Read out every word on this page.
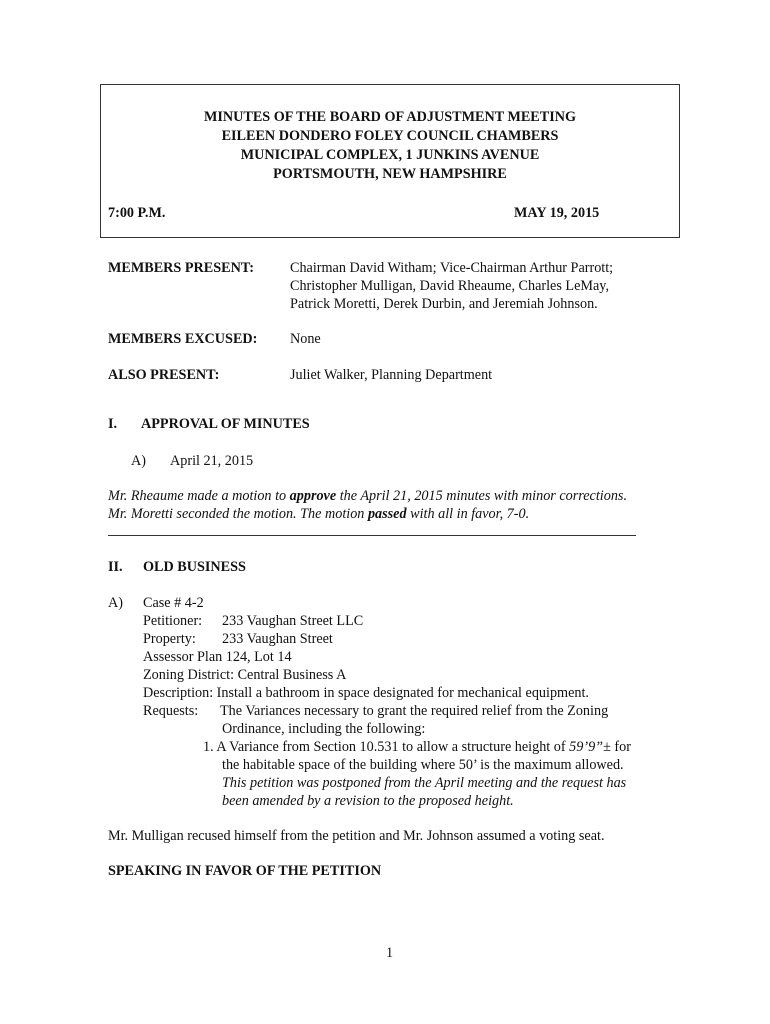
MINUTES OF THE BOARD OF ADJUSTMENT MEETING
EILEEN DONDERO FOLEY COUNCIL CHAMBERS
MUNICIPAL COMPLEX, 1 JUNKINS AVENUE
PORTSMOUTH, NEW HAMPSHIRE
7:00 P.M.	MAY 19, 2015
MEMBERS PRESENT:	Chairman David Witham; Vice-Chairman Arthur Parrott;
Christopher Mulligan, David Rheaume, Charles LeMay,
Patrick Moretti, Derek Durbin, and Jeremiah Johnson.
MEMBERS EXCUSED: None
ALSO PRESENT:	Juliet Walker, Planning Department
I. APPROVAL OF MINUTES
A) April 21, 2015
Mr. Rheaume made a motion to approve the April 21, 2015 minutes with minor corrections.
Mr. Moretti seconded the motion. The motion passed with all in favor, 7-0.
II. OLD BUSINESS
A) Case # 4-2
Petitioner: 233 Vaughan Street LLC
Property: 233 Vaughan Street
Assessor Plan 124, Lot 14
Zoning District: Central Business A
Description: Install a bathroom in space designated for mechanical equipment.
Requests: The Variances necessary to grant the required relief from the Zoning
Ordinance, including the following:
1. A Variance from Section 10.531 to allow a structure height of 59’9”± for
the habitable space of the building where 50’ is the maximum allowed.
This petition was postponed from the April meeting and the request has
been amended by a revision to the proposed height.
Mr. Mulligan recused himself from the petition and Mr. Johnson assumed a voting seat.
SPEAKING IN FAVOR OF THE PETITION
1
